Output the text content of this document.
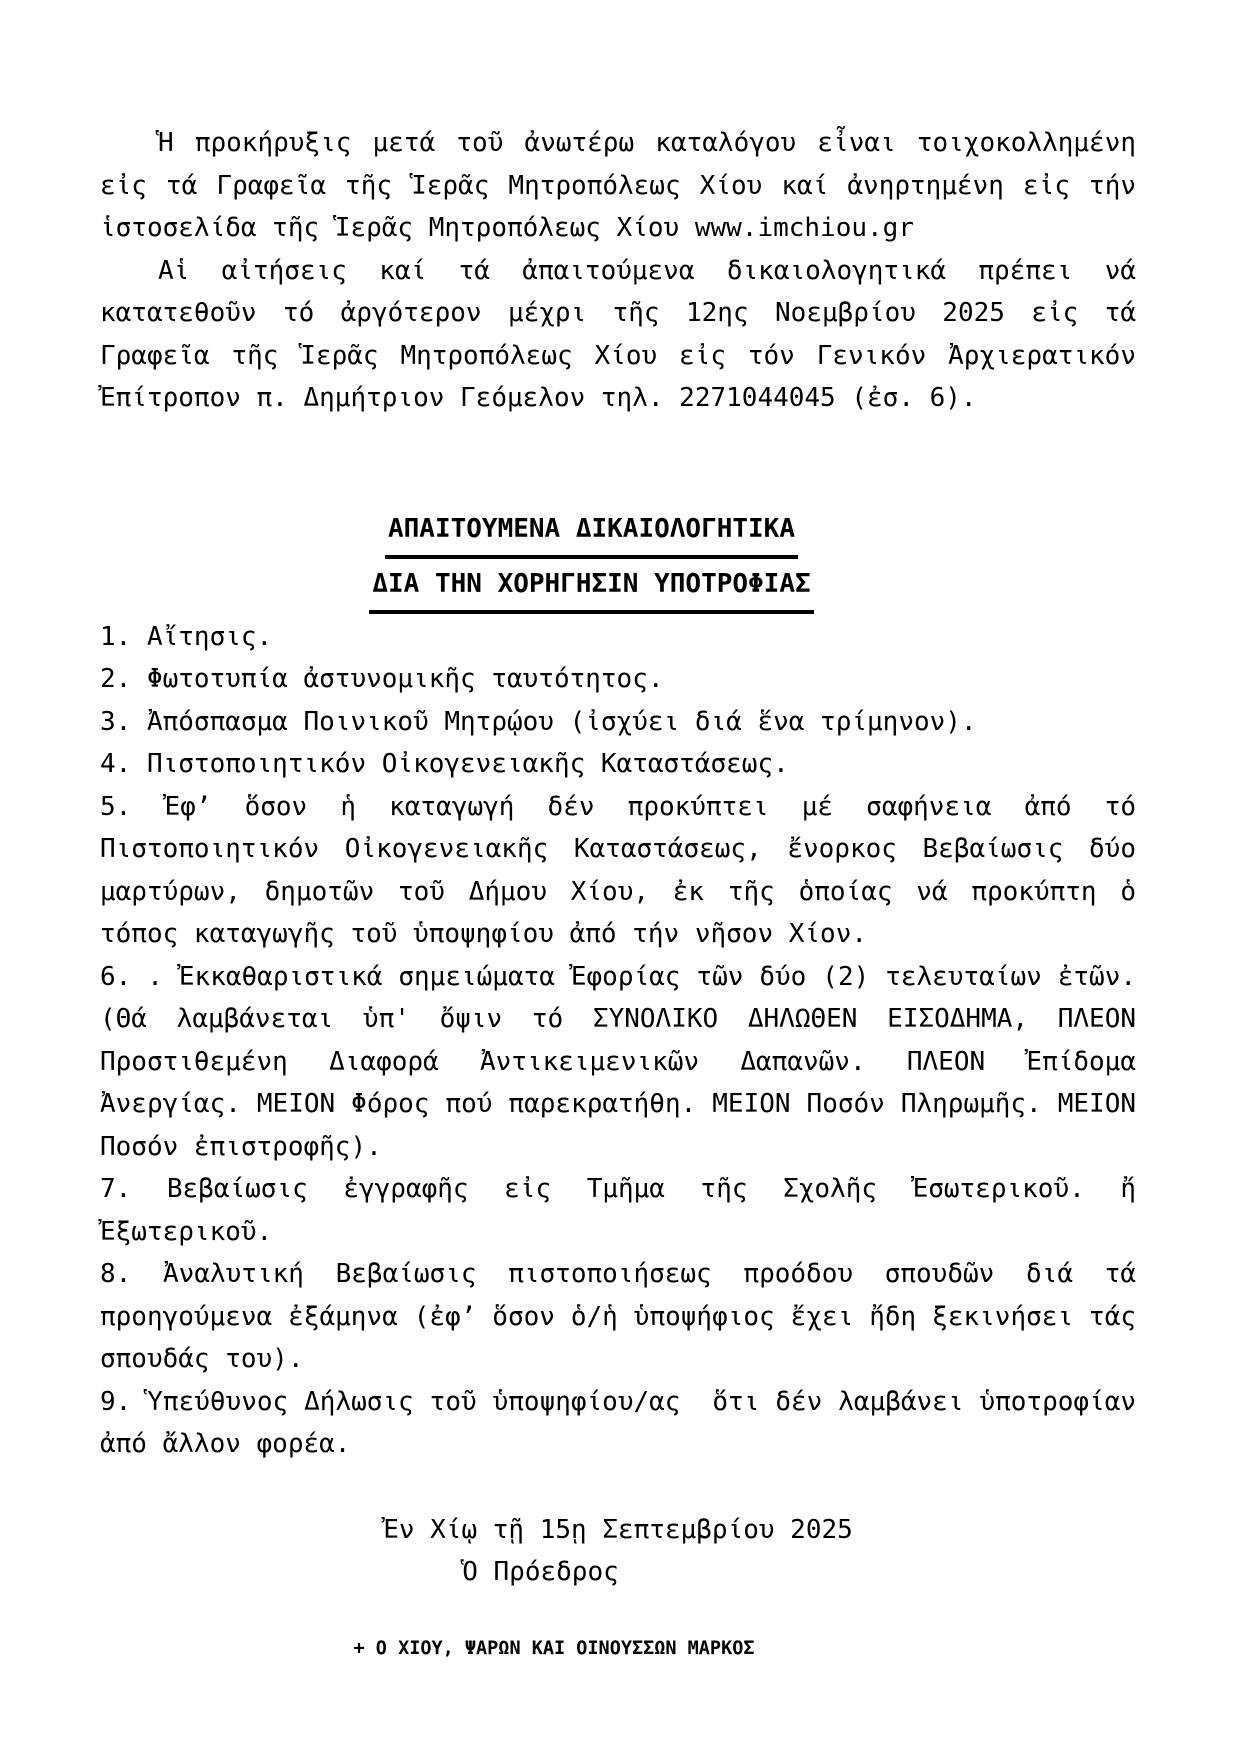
Ἡ προκήρυξις μετά τοῦ ἀνωτέρω καταλόγου εἶναι τοιχοκολλημένη εἰς τά Γραφεῖα τῆς Ἱερᾶς Μητροπόλεως Χίου καί ἀνηρτημένη εἰς τήν ἱστοσελίδα τῆς Ἱερᾶς Μητροπόλεως Χίου www.imchiou.gr

Αἱ αἰτήσεις καί τά ἀπαιτούμενα δικαιολογητικά πρέπει νά κατατεθοῦν τό ἀργότερον μέχρι τῆς 12ης Νοεμβρίου 2025 εἰς τά Γραφεῖα τῆς Ἱερᾶς Μητροπόλεως Χίου εἰς τόν Γενικόν Ἀρχιερατικόν Ἐπίτροπον π. Δημήτριον Γεόμελον τηλ. 2271044045 (ἐσ. 6).

ΑΠΑΙΤΟΥΜΕΝΑ ΔΙΚΑΙΟΛΟΓΗΤΙΚΑ
ΔΙΑ ΤΗΝ ΧΟΡΗΓΗΣΙΝ ΥΠΟΤΡΟΦΙΑΣ

1. Αἴτησις.

2. Φωτοτυπία ἀστυνομικῆς ταυτότητος.

3. Ἀπόσπασμα Ποινικοῦ Μητρῴου (ἰσχύει διά ἕνα τρίμηνον).

4. Πιστοποιητικόν Οἰκογενειακῆς Καταστάσεως.

5. Ἐφ’ ὅσον ἡ καταγωγή δέν προκύπτει μέ σαφήνεια ἀπό τό Πιστοποιητικόν Οἰκογενειακῆς Καταστάσεως, ἔνορκος Βεβαίωσις δύο μαρτύρων, δημοτῶν τοῦ Δήμου Χίου, ἐκ τῆς ὁποίας νά προκύπτη ὁ τόπος καταγωγῆς τοῦ ὑποψηφίου ἀπό τήν νῆσον Χίον.

6. . Ἐκκαθαριστικά σημειώματα Ἐφορίας τῶν δύο (2) τελευταίων ἐτῶν. (Θά λαμβάνεται ὑπ' ὄψιν τό ΣΥΝΟΛΙΚΟ ΔΗΛΩΘΕΝ ΕΙΣΟΔΗΜΑ, ΠΛΕΟΝ Προστιθεμένη Διαφορά Ἀντικειμενικῶν Δαπανῶν. ΠΛΕΟΝ Ἐπίδομα Ἀνεργίας. ΜΕΙΟΝ Φόρος πού παρεκρατήθη. ΜΕΙΟΝ Ποσόν Πληρωμῆς. ΜΕΙΟΝ Ποσόν ἐπιστροφῆς).

7. Βεβαίωσις ἐγγραφῆς εἰς Τμῆμα τῆς Σχολῆς Ἐσωτερικοῦ. ἤ Ἐξωτερικοῦ.

8. Ἀναλυτική Βεβαίωσις πιστοποιήσεως προόδου σπουδῶν διά τά προηγούμενα ἐξάμηνα (ἐφ’ ὅσον ὁ/ἡ ὑποψήφιος ἔχει ἤδη ξεκινήσει τάς σπουδάς του).

9. Ὑπεύθυνος Δήλωσις τοῦ ὑποψηφίου/ας  ὅτι δέν λαμβάνει ὑποτροφίαν ἀπό ἄλλον φορέα.

Ἐν Χίῳ τῇ 15ῃ Σεπτεμβρίου 2025
Ὁ Πρόεδρος
+ Ο ΧΙΟΥ, ΨΑΡΩΝ ΚΑΙ ΟΙΝΟΥΣΣΩΝ ΜΑΡΚΟΣ
